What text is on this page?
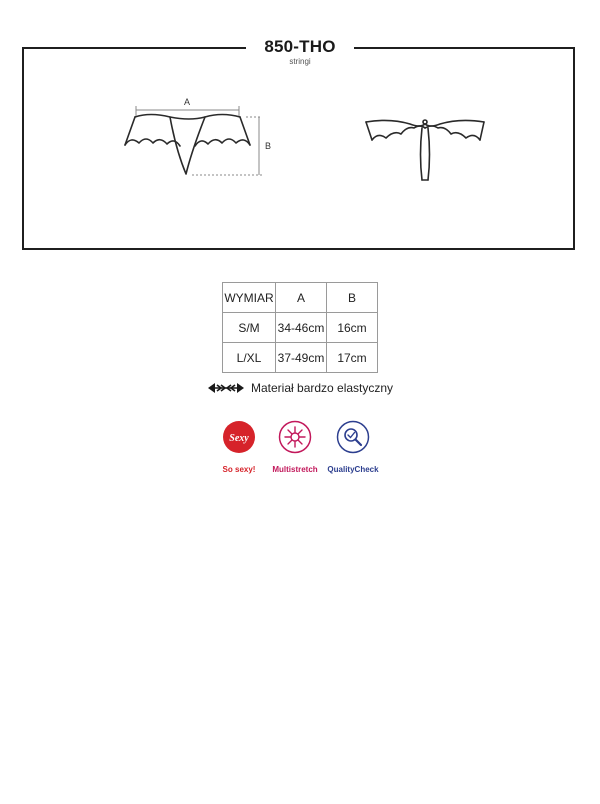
850-THO
stringi
A
B
WYMIAR	A	B
S/M	34-46cm	16cm
L/XL	37-49cm	17cm
Materiał bardzo elastyczny
Sexy
So sexy!	Multistretch	QualityCheck
